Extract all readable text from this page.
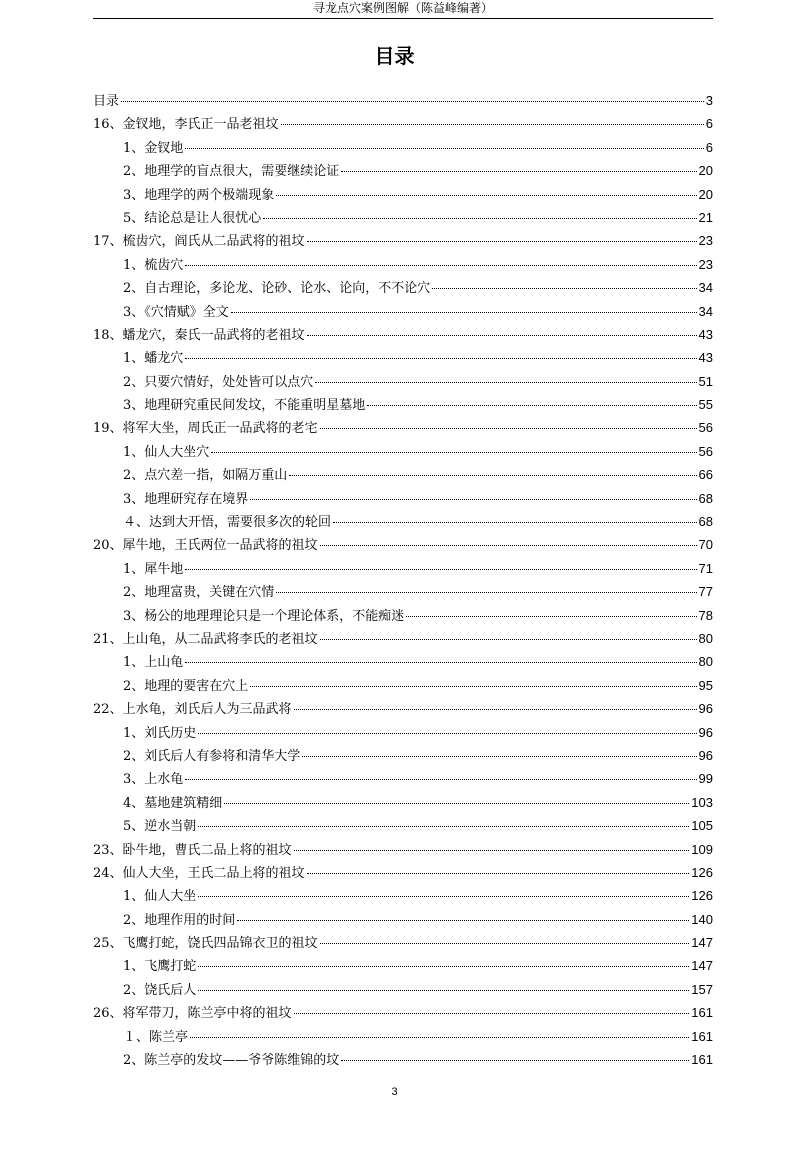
寻龙点穴案例图解（陈益峰编著）
目录
目录	3
16、金钗地，李氏正一品老祖坟	6
1、金钗地	6
2、地理学的盲点很大，需要继续论证	20
3、地理学的两个极端现象	20
5、结论总是让人很忧心	21
17、梳齿穴，阎氏从二品武将的祖坟	23
1、梳齿穴	23
2、自古理论，多论龙、论砂、论水、论向，不不论穴	34
3、《穴情赋》全文	34
18、蟠龙穴，秦氏一品武将的老祖坟	43
1、蟠龙穴	43
2、只要穴情好，处处皆可以点穴	51
3、地理研究重民间发坟，不能重明星墓地	55
19、将军大坐，周氏正一品武将的老宅	56
1、仙人大坐穴	56
2、点穴差一指，如隔万重山	66
3、地理研究存在境界	68
４、达到大开悟，需要很多次的轮回	68
20、犀牛地，王氏两位一品武将的祖坟	70
1、犀牛地	71
2、地理富贵，关键在穴情	77
3、杨公的地理理论只是一个理论体系，不能痴迷	78
21、上山龟，从二品武将李氏的老祖坟	80
1、上山龟	80
2、地理的要害在穴上	95
22、上水龟，刘氏后人为三品武将	96
1、刘氏历史	96
2、刘氏后人有参将和清华大学	96
3、上水龟	99
4、墓地建筑精细	103
5、逆水当朝	105
23、卧牛地，曹氏二品上将的祖坟	109
24、仙人大坐，王氏二品上将的祖坟	126
1、仙人大坐	126
2、地理作用的时间	140
25、飞鹰打蛇，饶氏四品锦衣卫的祖坟	147
1、飞鹰打蛇	147
2、饶氏后人	157
26、将军带刀，陈兰亭中将的祖坟	161
１、陈兰亭	161
2、陈兰亭的发坟——爷爷陈维锦的坟	161
3
